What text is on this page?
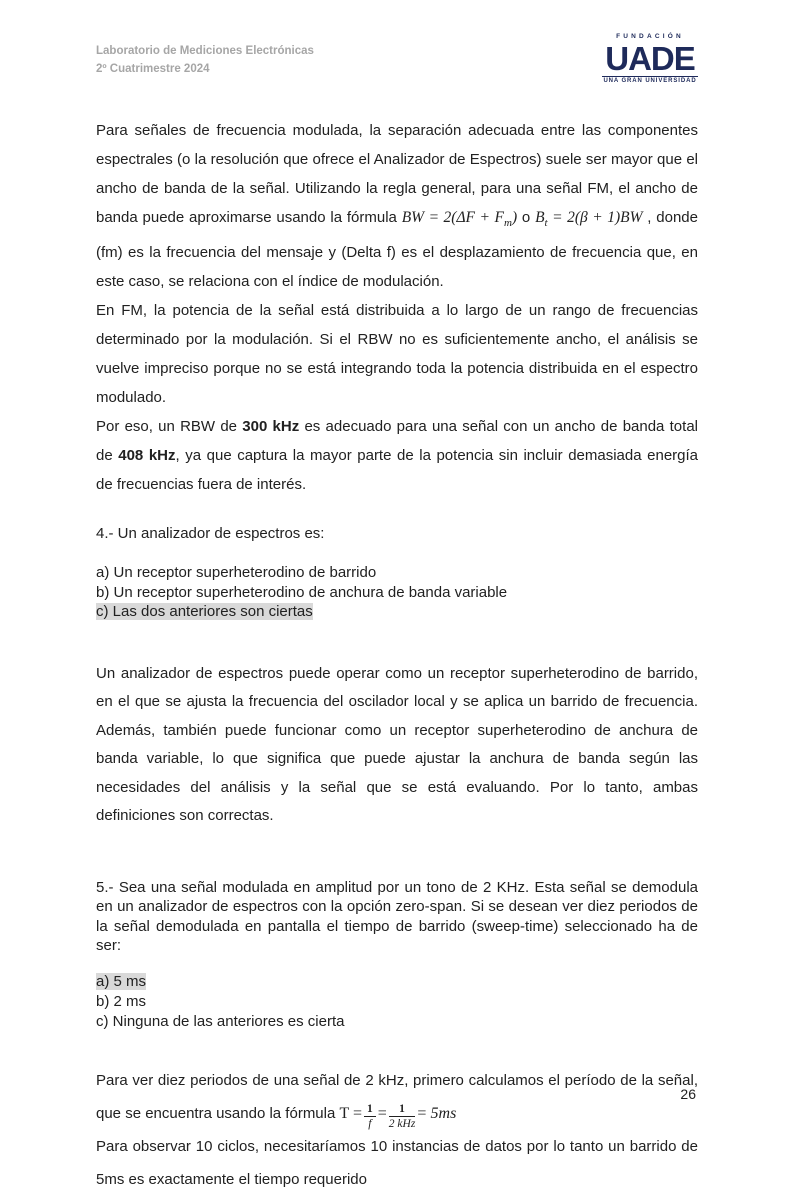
Laboratorio de Mediciones Electrónicas
2º Cuatrimestre 2024
FUNDACIÓN
UADE
UNA GRAN UNIVERSIDAD

Para señales de frecuencia modulada, la separación adecuada entre las componentes espectrales (o la resolución que ofrece el Analizador de Espectros) suele ser mayor que el ancho de banda de la señal. Utilizando la regla general, para una señal FM, el ancho de banda puede aproximarse usando la fórmula BW = $2(\Delta F + F_m)$ o $B_t = 2(\beta + 1)BW$ , donde (fm) es la frecuencia del mensaje y (Delta f) es el desplazamiento de frecuencia que, en este caso, se relaciona con el índice de modulación.

En FM, la potencia de la señal está distribuida a lo largo de un rango de frecuencias determinado por la modulación. Si el RBW no es suficientemente ancho, el análisis se vuelve impreciso porque no se está integrando toda la potencia distribuida en el espectro modulado.

Por eso, un RBW de 300 kHz es adecuado para una señal con un ancho de banda total de 408 kHz, ya que captura la mayor parte de la potencia sin incluir demasiada energía de frecuencias fuera de interés.

4.- Un analizador de espectros es:

a) Un receptor superheterodino de barrido
b) Un receptor superheterodino de anchura de banda variable
c) Las dos anteriores son ciertas

Un analizador de espectros puede operar como un receptor superheterodino de barrido, en el que se ajusta la frecuencia del oscilador local y se aplica un barrido de frecuencia. Además, también puede funcionar como un receptor superheterodino de anchura de banda variable, lo que significa que puede ajustar la anchura de banda según las necesidades del análisis y la señal que se está evaluando. Por lo tanto, ambas definiciones son correctas.

5.- Sea una señal modulada en amplitud por un tono de 2 KHz. Esta señal se demodula en un analizador de espectros con la opción zero-span. Si se desean ver diez periodos de la señal demodulada en pantalla el tiempo de barrido (sweep-time) seleccionado ha de ser:

a) 5 ms
b) 2 ms
c) Ninguna de las anteriores es cierta

Para ver diez periodos de una señal de 2 kHz, primero calculamos el período de la señal, que se encuentra usando la fórmula $T = \frac{1}{f} = \frac{1}{\text{2 kHz}} = 5ms$
Para observar 10 ciclos, necesitaríamos 10 instancias de datos por lo tanto un barrido de 5ms es exactamente el tiempo requerido

26
